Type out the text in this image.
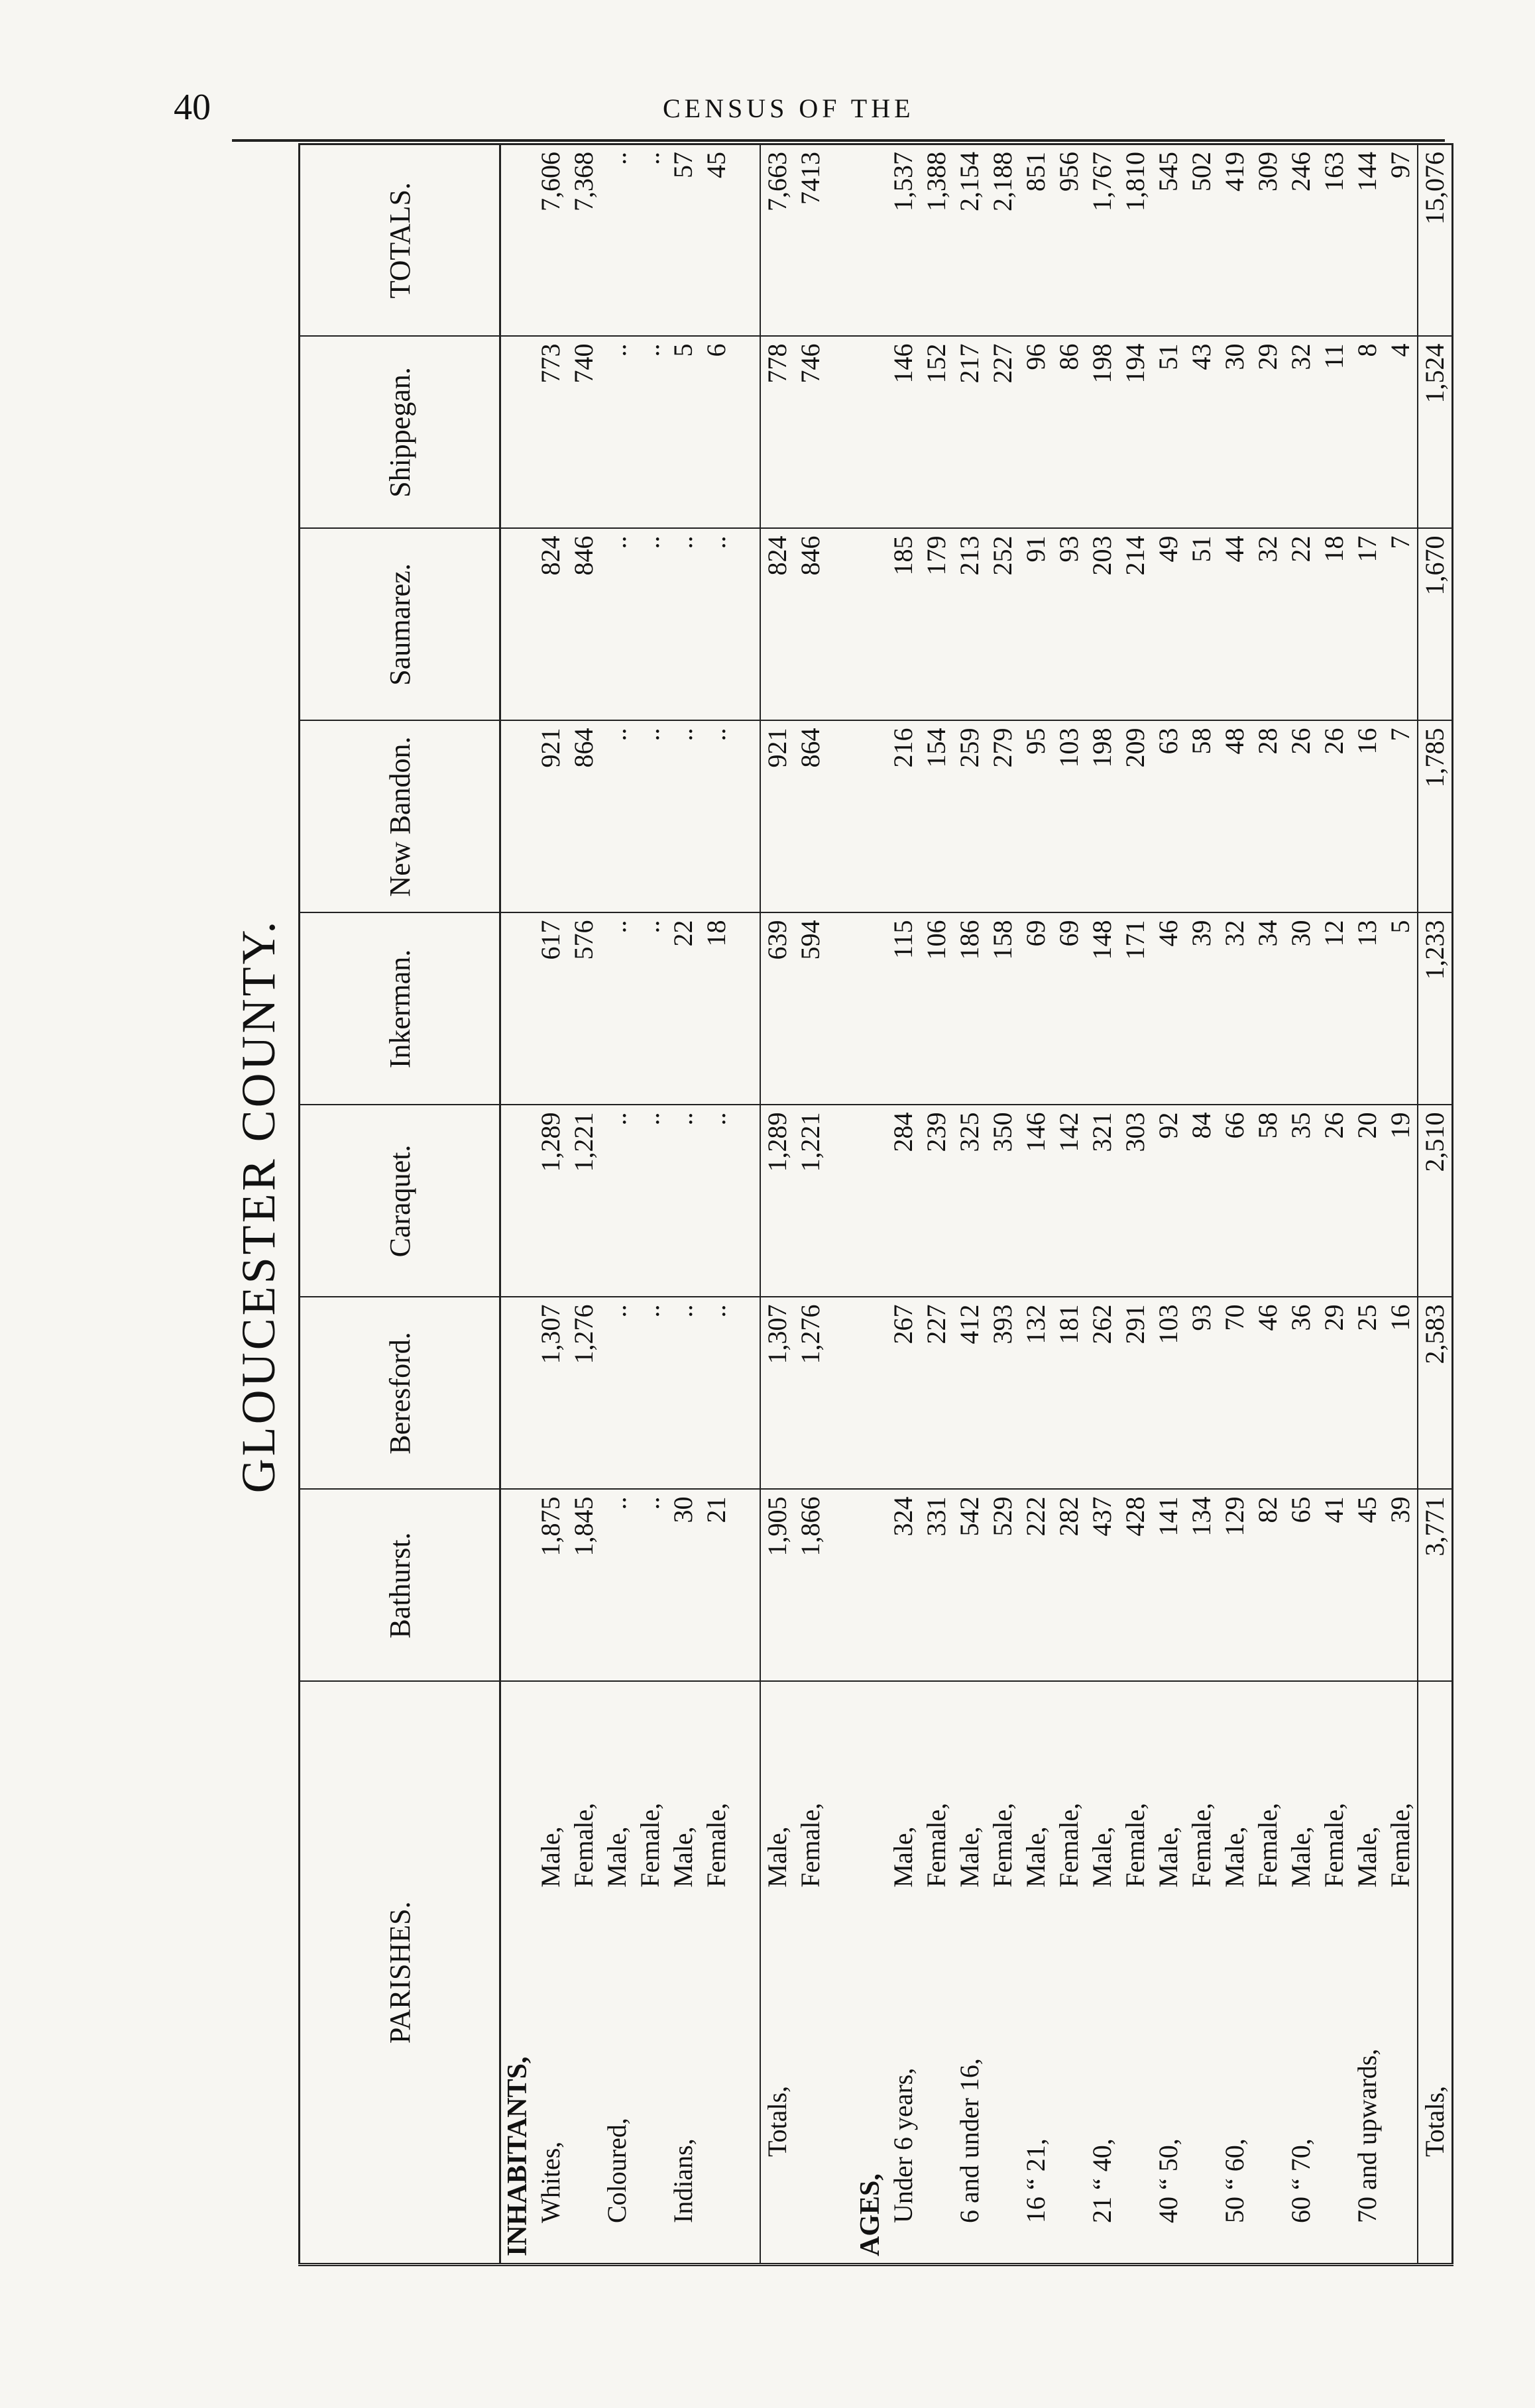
40	CENSUS OF THE
GLOUCESTER COUNTY.
PARISHES.	Bathurst.	Beresford.	Caraquet.	Inkerman.	New Bandon.	Saumarez.	Shippegan.	TOTALS.
INHABITANTS,								

Whites,
Male,	1,875	1,307	1,289	617	921	824	773	7,606

Female,	1,845	1,276	1,221	576	864	846	740	7,368

Coloured,
Male,	..	..	..	..	..	..	..	..

Female,	..	..	..	..	..	..	..	..

Indians,
Male,	30	..	..	22	..	..	5	57

Female,	21	..	..	18	..	..	6	45

Totals,
Male,	1,905	1,307	1,289	639	921	824	778	7,663

Female,	1,866	1,276	1,221	594	864	846	746	7413

AGES,								

Under 6 years,
Male,	324	267	284	115	216	185	146	1,537

Female,	331	227	239	106	154	179	152	1,388

6 and under 16,
Male,	542	412	325	186	259	213	217	2,154

Female,	529	393	350	158	279	252	227	2,188

16 “ 21,
Male,	222	132	146	69	95	91	96	851

Female,	282	181	142	69	103	93	86	956

21 “ 40,
Male,	437	262	321	148	198	203	198	1,767

Female,	428	291	303	171	209	214	194	1,810

40 “ 50,
Male,	141	103	92	46	63	49	51	545

Female,	134	93	84	39	58	51	43	502

50 “ 60,
Male,	129	70	66	32	48	44	30	419

Female,	82	46	58	34	28	32	29	309

60 “ 70,
Male,	65	36	35	30	26	22	32	246

Female,	41	29	26	12	26	18	11	163

70 and upwards,
Male,	45	25	20	13	16	17	8	144

Female,	39	16	19	5	7	7	4	97
Totals,	3,771	2,583	2,510	1,233	1,785	1,670	1,524	15,076
